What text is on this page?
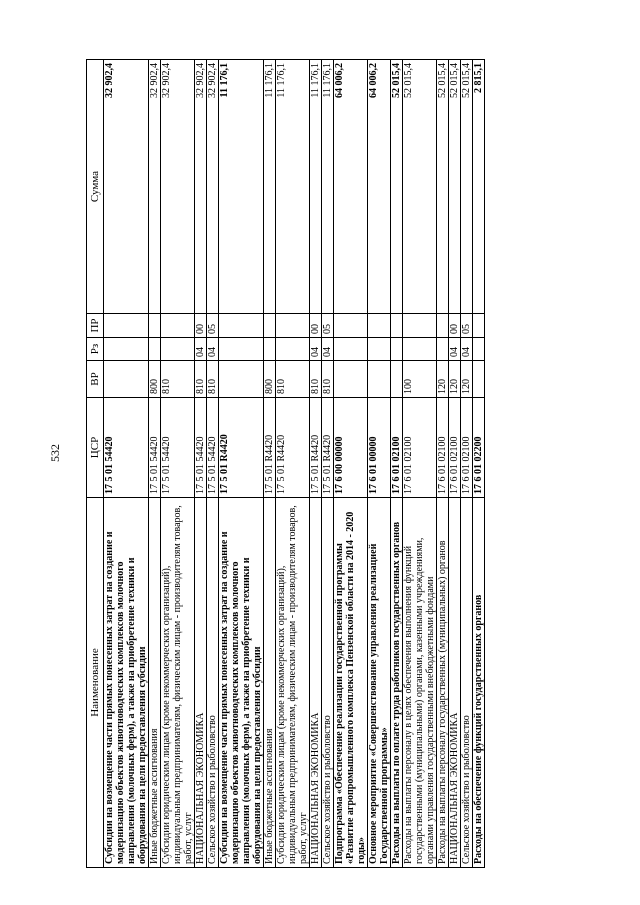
532
Наименование	ЦСР	ВР	Рз	ПР	Сумма
Субсидии на возмещение части прямых понесенных затрат на создание и модернизацию объектов животноводческих комплексов молочного направления (молочных ферм), а также на приобретение техники и оборудования на цели предоставления субсидии	17 5 01 54420				32 902,4
Иные бюджетные ассигнования	17 5 01 54420	800			32 902,4
Субсидии юридическим лицам (кроме некоммерческих организаций), индивидуальным предпринимателям, физическим лицам - производителям товаров, работ, услуг	17 5 01 54420	810			32 902,4
НАЦИОНАЛЬНАЯ ЭКОНОМИКА	17 5 01 54420	810	04	00	32 902,4
Сельское хозяйство и рыболовство	17 5 01 54420	810	04	05	32 902,4
Субсидии на возмещение части прямых понесенных затрат на создание и модернизацию объектов животноводческих комплексов молочного направления (молочных ферм), а также на приобретение техники и оборудования на цели предоставления субсидии	17 5 01 R4420				11 176,1
Иные бюджетные ассигнования	17 5 01 R4420	800			11 176,1
Субсидии юридическим лицам (кроме некоммерческих организаций), индивидуальным предпринимателям, физическим лицам - производителям товаров, работ, услуг	17 5 01 R4420	810			11 176,1
НАЦИОНАЛЬНАЯ ЭКОНОМИКА	17 5 01 R4420	810	04	00	11 176,1
Сельское хозяйство и рыболовство	17 5 01 R4420	810	04	05	11 176,1
Подпрограмма «Обеспечение реализации государственной программы «Развитие агропромышленного комплекса Пензенской области на 2014 - 2020 годы»	17 6 00 00000				64 006,2
Основное мероприятие «Совершенствование управления реализацией Государственной программы»	17 6 01 00000				64 006,2
Расходы на выплаты по оплате труда работников государственных органов	17 6 01 02100				52 015,4
Расходы на выплаты персоналу в целях обеспечения выполнения функций государственными (муниципальными) органами, казенными учреждениями, органами управления государственными внебюджетными фондами	17 6 01 02100	100			52 015,4
Расходы на выплаты персоналу государственных (муниципальных) органов	17 6 01 02100	120			52 015,4
НАЦИОНАЛЬНАЯ ЭКОНОМИКА	17 6 01 02100	120	04	00	52 015,4
Сельское хозяйство и рыболовство	17 6 01 02100	120	04	05	52 015,4
Расходы на обеспечение функций государственных органов	17 6 01 02200				2 815,1
